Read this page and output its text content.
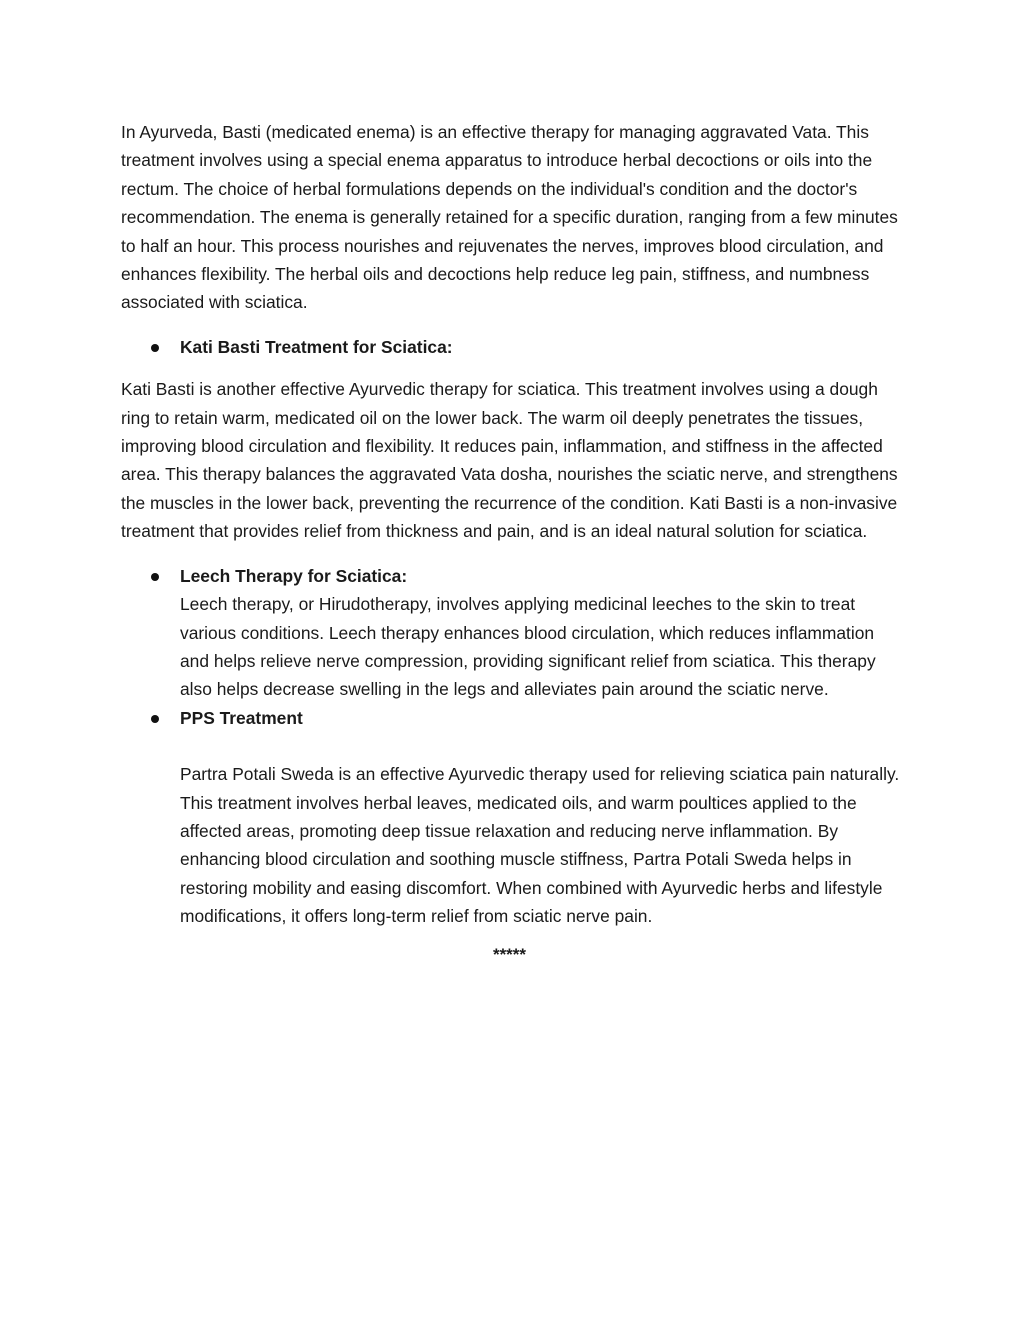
In Ayurveda, Basti (medicated enema) is an effective therapy for managing aggravated Vata. This treatment involves using a special enema apparatus to introduce herbal decoctions or oils into the rectum. The choice of herbal formulations depends on the individual's condition and the doctor's recommendation. The enema is generally retained for a specific duration, ranging from a few minutes to half an hour. This process nourishes and rejuvenates the nerves, improves blood circulation, and enhances flexibility. The herbal oils and decoctions help reduce leg pain, stiffness, and numbness associated with sciatica.

Kati Basti Treatment for Sciatica:

Kati Basti is another effective Ayurvedic therapy for sciatica. This treatment involves using a dough ring to retain warm, medicated oil on the lower back. The warm oil deeply penetrates the tissues, improving blood circulation and flexibility. It reduces pain, inflammation, and stiffness in the affected area. This therapy balances the aggravated Vata dosha, nourishes the sciatic nerve, and strengthens the muscles in the lower back, preventing the recurrence of the condition. Kati Basti is a non-invasive treatment that provides relief from thickness and pain, and is an ideal natural solution for sciatica.

Leech Therapy for Sciatica:

Leech therapy, or Hirudotherapy, involves applying medicinal leeches to the skin to treat various conditions. Leech therapy enhances blood circulation, which reduces inflammation and helps relieve nerve compression, providing significant relief from sciatica. This therapy also helps decrease swelling in the legs and alleviates pain around the sciatic nerve.

PPS Treatment

Partra Potali Sweda is an effective Ayurvedic therapy used for relieving sciatica pain naturally. This treatment involves herbal leaves, medicated oils, and warm poultices applied to the affected areas, promoting deep tissue relaxation and reducing nerve inflammation. By enhancing blood circulation and soothing muscle stiffness, Partra Potali Sweda helps in restoring mobility and easing discomfort. When combined with Ayurvedic herbs and lifestyle modifications, it offers long-term relief from sciatic nerve pain.

*****
